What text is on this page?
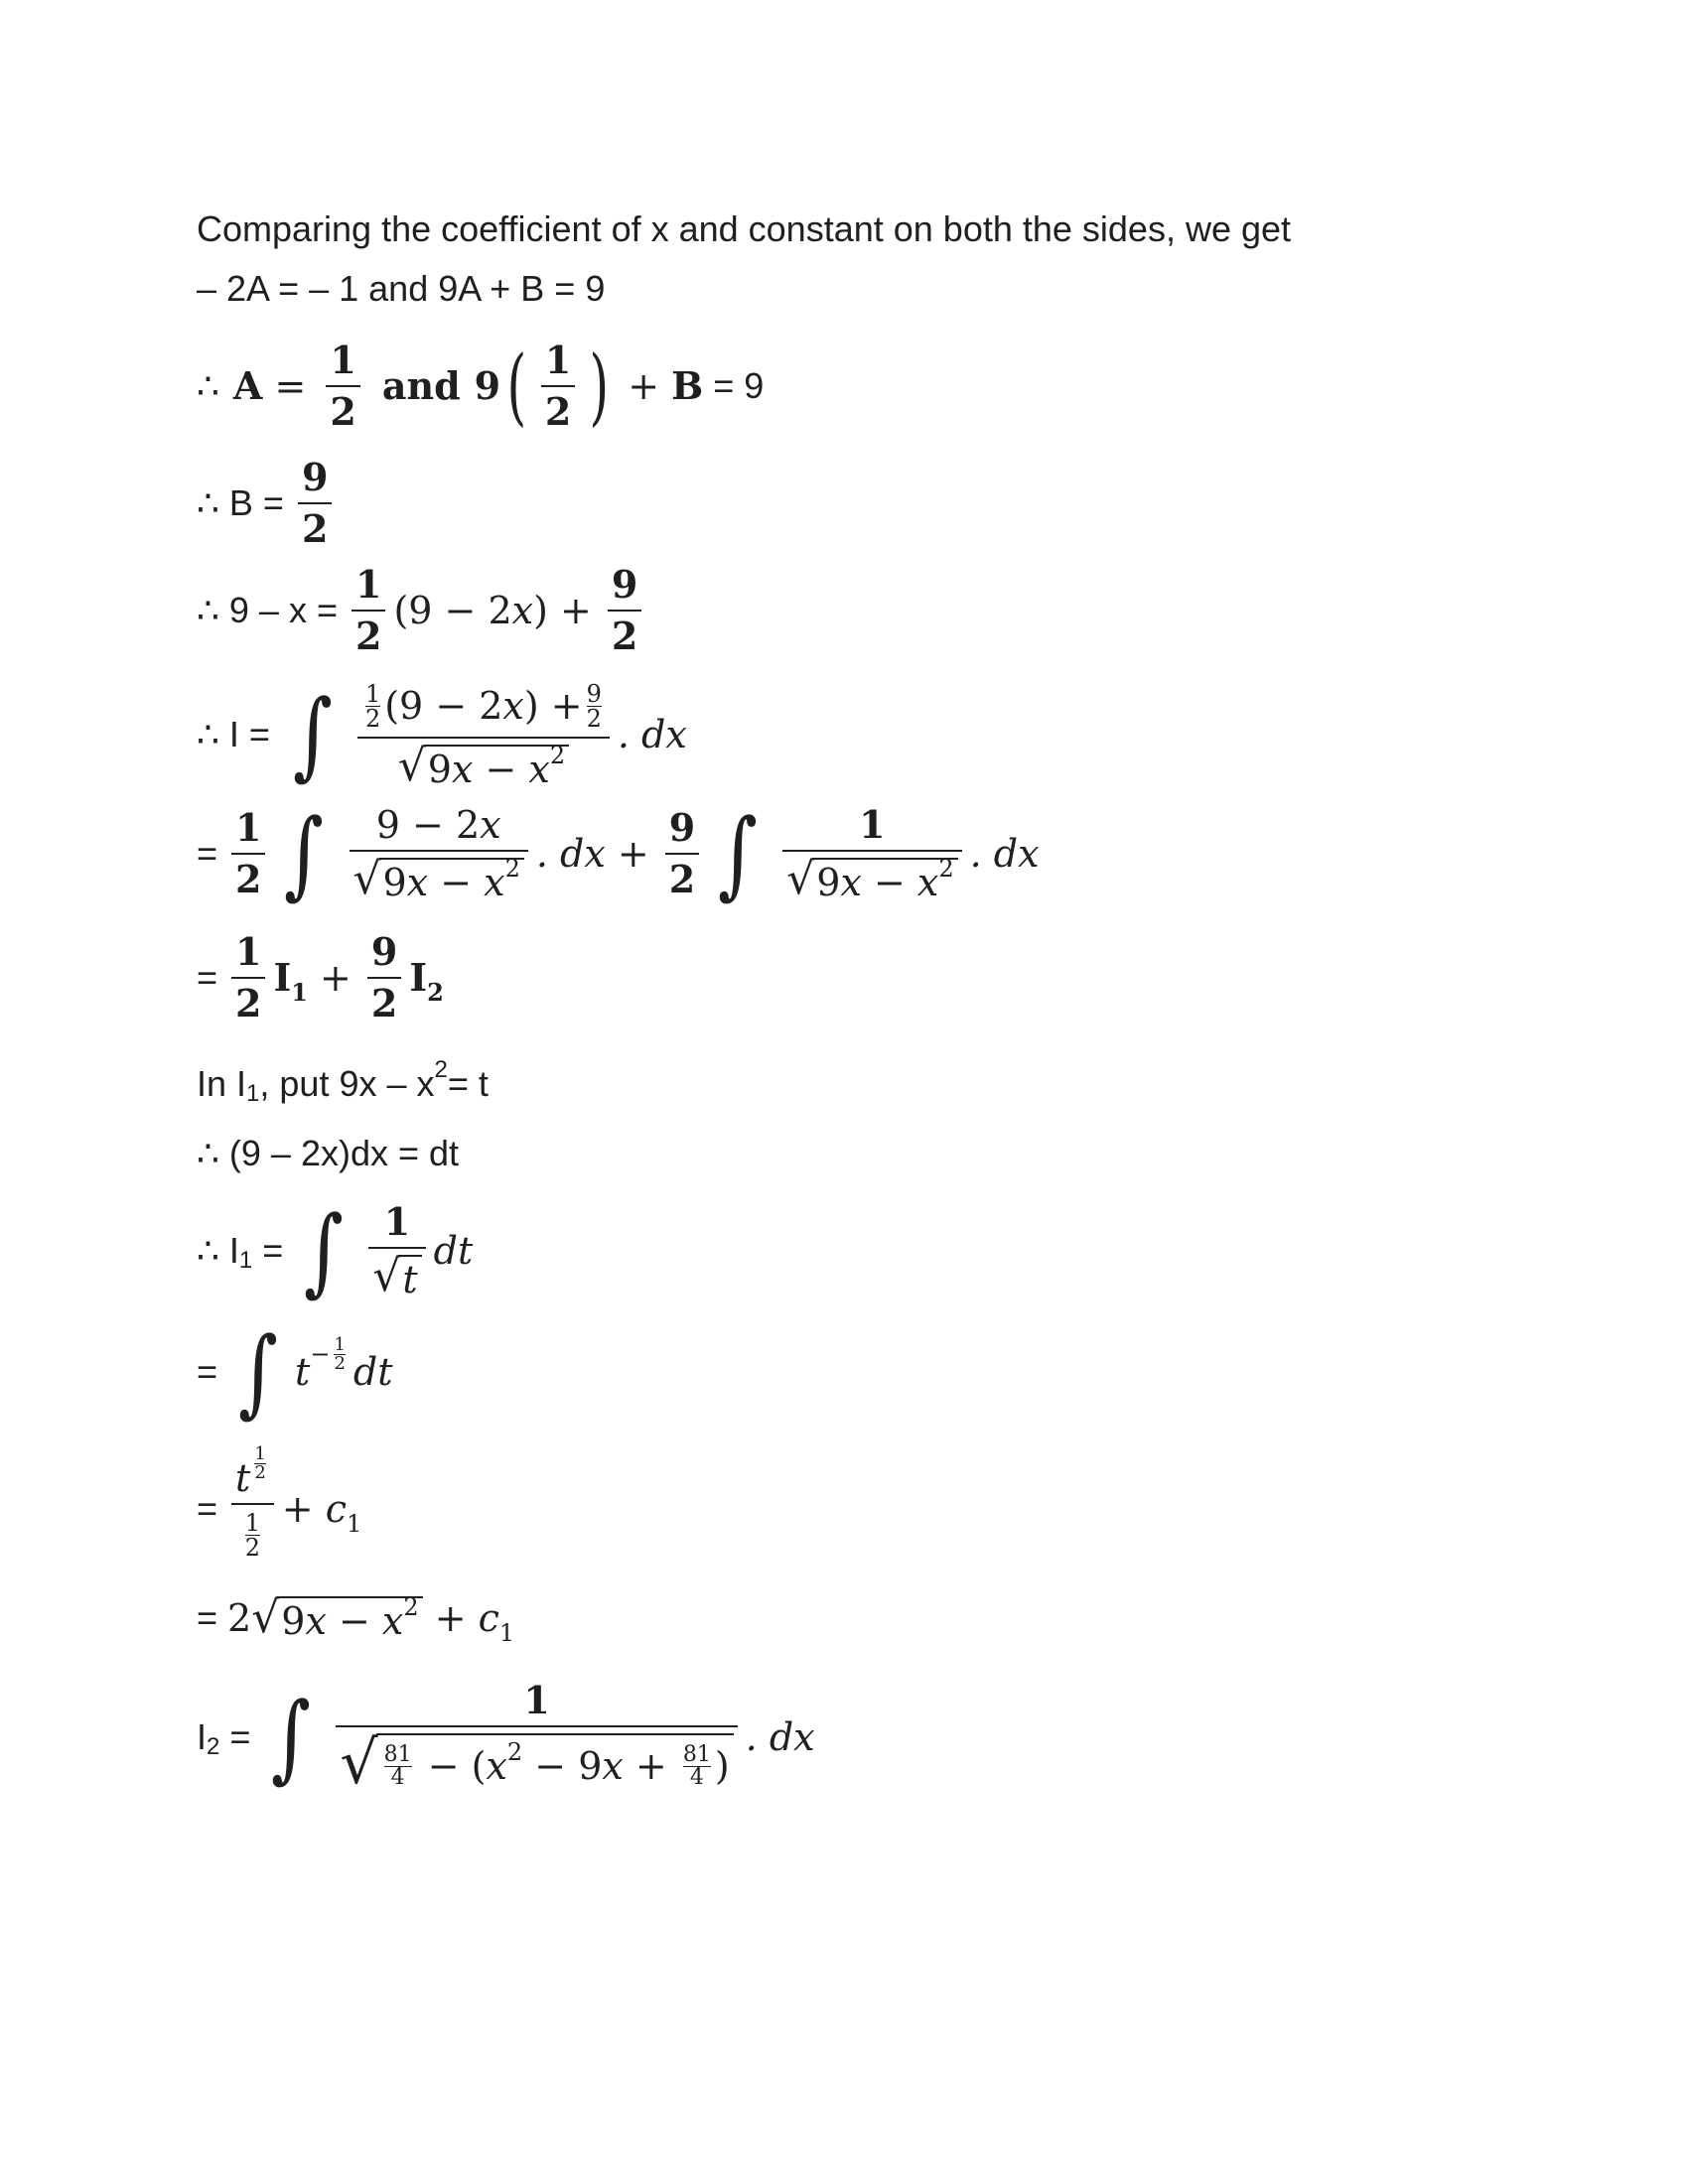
Comparing the coefficient of x and constant on both the sides, we get
– 2A = – 1 and 9A + B = 9
∴ $A = \frac{1}{2}$ and 9 ( $\frac{1}{2}$ ) + B = 9
∴ $B = \frac{9}{2}$
∴ $9 - x = \frac{1}{2} (9 - 2x) + \frac{9}{2}$
∴ I = ∫ 1
2 (9 − 2 x ) + 9
2
√ 9 x − x 2 . dx
= $\frac{1}{2}$ ∫ $\frac{9 - 2 x}{√ 9 x - x 2}$ . dx + $\frac{9}{2}$ ∫ $\frac{1}{√ 9 x - x 2}$ . dx
= $\frac{1}{2} I_1 + \frac{9}{2} I_2$
In I 1 , put 9x – x 2 = t
∴ (9 – 2x)dx = dt
∴ I 1 = ∫ $\frac{1}{√ t}$ dt
= ∫ t − 1
2 dt
= t
1
2
1
$2 + c_1$
= 2 √ 9 x − x $2 + c_1$
I 2 = ∫ 1
√ 81
4 − ( x 2 − 9 x + 81
4 ) . dx
